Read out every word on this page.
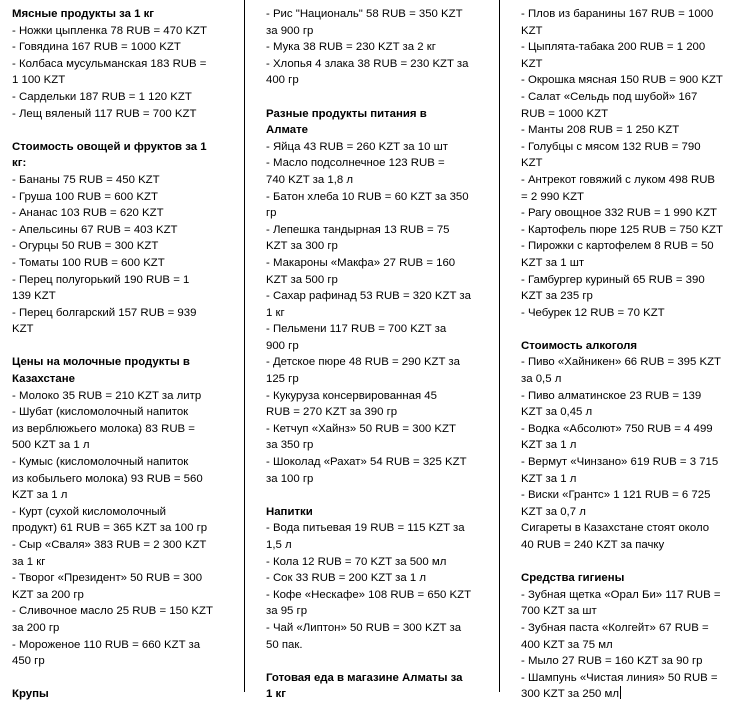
Мясные продукты за 1 кг
- Ножки цыпленка 78 RUB = 470 KZT
- Говядина 167 RUB = 1000 KZT
- Колбаса мусульманская 183 RUB =
1 100 KZT
- Сардельки 187 RUB = 1 120 KZT
- Лещ вяленый 117 RUB = 700 KZT
Стоимость овощей и фруктов за 1
кг:
- Бананы 75 RUB = 450 KZT
- Груша 100 RUB = 600 KZT
- Ананас 103 RUB = 620 KZT
- Апельсины 67 RUB = 403 KZT
- Огурцы 50 RUB = 300 KZT
- Томаты 100 RUB = 600 KZT
- Перец полугорький 190 RUB = 1
139 KZT
- Перец болгарский 157 RUB = 939
KZT
Цены на молочные продукты в
Казахстане
- Молоко 35 RUB = 210 KZT за литр
- Шубат (кисломолочный напиток
из верблюжьего молока) 83 RUB =
500 KZT за 1 л
- Кумыс (кисломолочный напиток
из кобыльего молока) 93 RUB = 560
KZT за 1 л
- Курт (сухой кисломолочный
продукт) 61 RUB = 365 KZT за 100 гр
- Сыр «Сваля» 383 RUB = 2 300 KZT
за 1 кг
- Творог «Президент» 50 RUB = 300
KZT за 200 гр
- Сливочное масло 25 RUB = 150 KZT
за 200 гр
- Мороженое 110 RUB = 660 KZT за
450 гр
Крупы
- Рис "Националь" 58 RUB = 350 KZT
за 900 гр
- Мука 38 RUB = 230 KZT за 2 кг
- Хлопья 4 злака 38 RUB = 230 KZT за
400 гр
Разные продукты питания в
Алмате
- Яйца 43 RUB = 260 KZT за 10 шт
- Масло подсолнечное 123 RUB =
740 KZT за 1,8 л
- Батон хлеба 10 RUB = 60 KZT за 350
гр
- Лепешка тандырная 13 RUB = 75
KZT за 300 гр
- Макароны «Макфа» 27 RUB = 160
KZT за 500 гр
- Сахар рафинад 53 RUB = 320 KZT за
1 кг
- Пельмени 117 RUB = 700 KZT за
900 гр
- Детское пюре 48 RUB = 290 KZT за
125 гр
- Кукуруза консервированная 45
RUB = 270 KZT за 390 гр
- Кетчуп «Хайнз» 50 RUB = 300 KZT
за 350 гр
- Шоколад «Рахат» 54 RUB = 325 KZT
за 100 гр
Напитки
- Вода питьевая 19 RUB = 115 KZT за
1,5 л
- Кола 12 RUB = 70 KZT за 500 мл
- Сок 33 RUB = 200 KZT за 1 л
- Кофе «Нескафе» 108 RUB = 650 KZT
за 95 гр
- Чай «Липтон» 50 RUB = 300 KZT за
50 пак.
Готовая еда в магазине Алматы за
1 кг
- Плов из баранины 167 RUB = 1000
KZT
- Цыплята-табака 200 RUB = 1 200
KZT
- Окрошка мясная 150 RUB = 900 KZT
- Салат «Сельдь под шубой» 167
RUB = 1000 KZT
- Манты 208 RUB = 1 250 KZT
- Голубцы с мясом 132 RUB = 790
KZT
- Антрекот говяжий с луком 498 RUB
= 2 990 KZT
- Рагу овощное 332 RUB = 1 990 KZT
- Картофель пюре 125 RUB = 750 KZT
- Пирожки с картофелем 8 RUB = 50
KZT за 1 шт
- Гамбургер куриный 65 RUB = 390
KZT за 235 гр
- Чебурек 12 RUB = 70 KZT
Стоимость алкоголя
- Пиво «Хайникен» 66 RUB = 395 KZT
за 0,5 л
- Пиво алматинское 23 RUB = 139
KZT за 0,45 л
- Водка «Абсолют» 750 RUB = 4 499
KZT за 1 л
- Вермут «Чинзано» 619 RUB = 3 715
KZT за 1 л
- Виски «Грантс» 1 121 RUB = 6 725
KZT за 0,7 л
Сигареты в Казахстане стоят около
40 RUB = 240 KZT за пачку
Средства гигиены
- Зубная щетка «Орал Би» 117 RUB =
700 KZT за шт
- Зубная паста «Колгейт» 67 RUB =
400 KZT за 75 мл
- Мыло 27 RUB = 160 KZT за 90 гр
- Шампунь «Чистая линия» 50 RUB =
300 KZT за 250 мл
